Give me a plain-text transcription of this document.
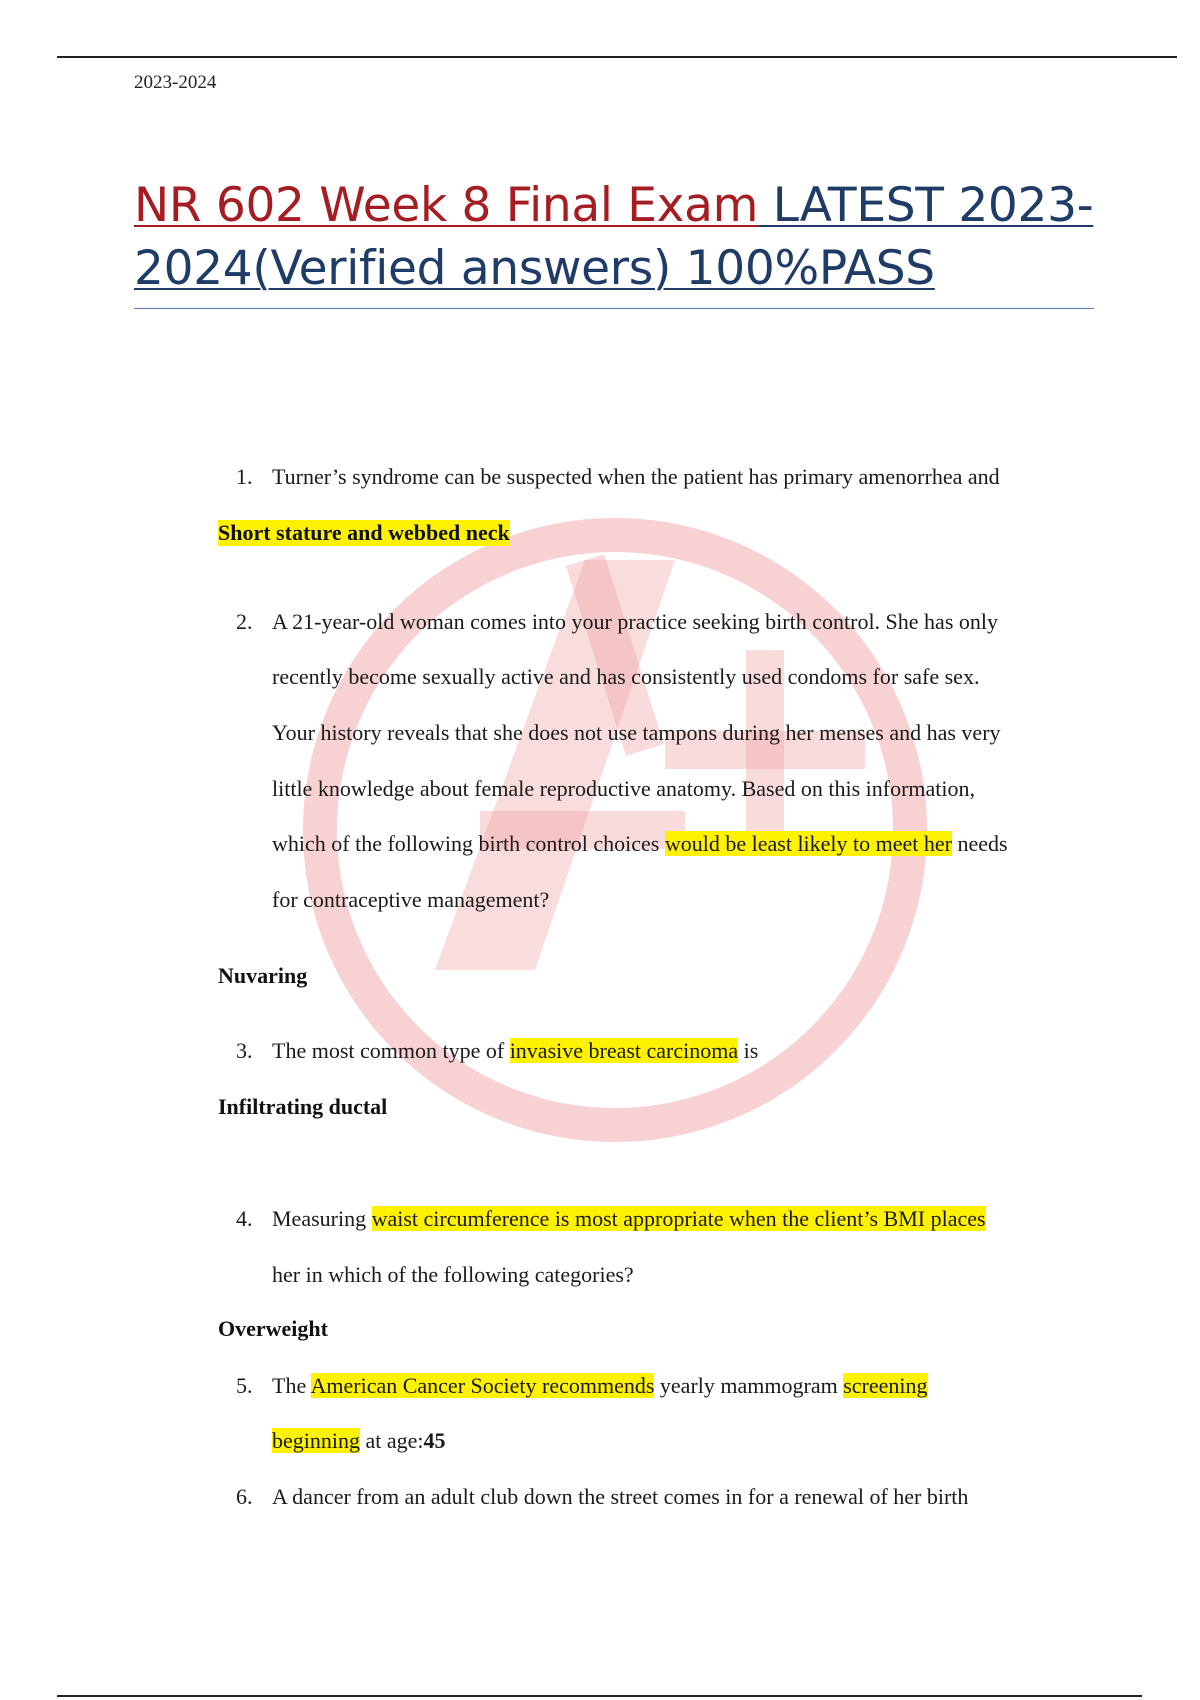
2023-2024
NR 602 Week 8 Final Exam LATEST 2023-
2024(Verified answers) 100%PASS
1. Turner’s syndrome can be suspected when the patient has primary amenorrhea and
Short stature and webbed neck
2. A 21-year-old woman comes into your practice seeking birth control. She has only
recently become sexually active and has consistently used condoms for safe sex.
Your history reveals that she does not use tampons during her menses and has very
little knowledge about female reproductive anatomy. Based on this information,
which of the following birth control choices would be least likely to meet her needs
for contraceptive management?
Nuvaring
3. The most common type of invasive breast carcinoma is
Infiltrating ductal
4. Measuring waist circumference is most appropriate when the client’s BMI places
her in which of the following categories?
Overweight
5. The American Cancer Society recommends yearly mammogram screening
beginning at age:45
6. A dancer from an adult club down the street comes in for a renewal of her birth
